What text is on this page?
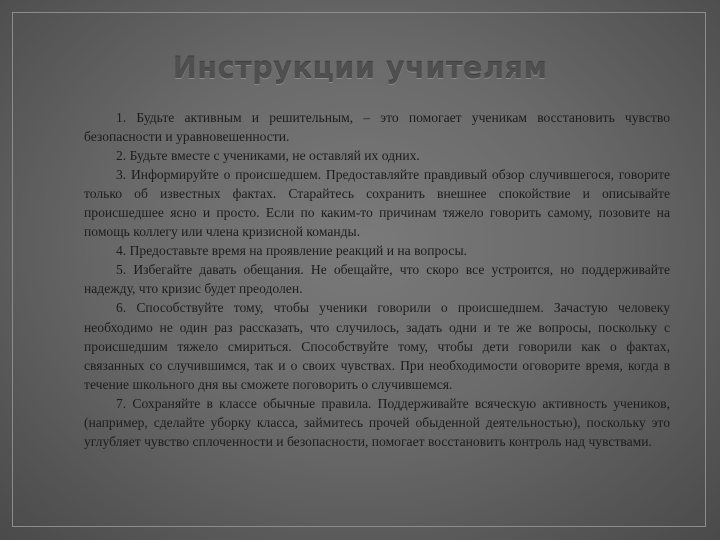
Инструкции учителям

1. Будьте активным и решительным, – это помогает ученикам восстановить чувство безопасности и уравновешенности.

2. Будьте вместе с учениками, не оставляй их одних.

3. Информируйте о происшедшем. Предоставляйте правдивый обзор случившегося, говорите только об известных фактах. Старайтесь сохранить внешнее спокойствие и описывайте происшедшее ясно и просто. Если по каким-то причинам тяжело говорить самому, позовите на помощь коллегу или члена кризисной команды.

4. Предоставьте время на проявление реакций и на вопросы.

5. Избегайте давать обещания. Не обещайте, что скоро все устроится, но поддерживайте надежду, что кризис будет преодолен.

6. Способствуйте тому, чтобы ученики говорили о происшедшем. Зачастую человеку необходимо не один раз рассказать, что случилось, задать одни и те же вопросы, поскольку с происшедшим тяжело смириться. Способствуйте тому, чтобы дети говорили как о фактах, связанных со случившимся, так и о своих чувствах. При необходимости оговорите время, когда в течение школьного дня вы сможете поговорить о случившемся.

7. Сохраняйте в классе обычные правила. Поддерживайте всяческую активность учеников, (например, сделайте уборку класса, займитесь прочей обыденной деятельностью), поскольку это углубляет чувство сплоченности и безопасности, помогает восстановить контроль над чувствами.
